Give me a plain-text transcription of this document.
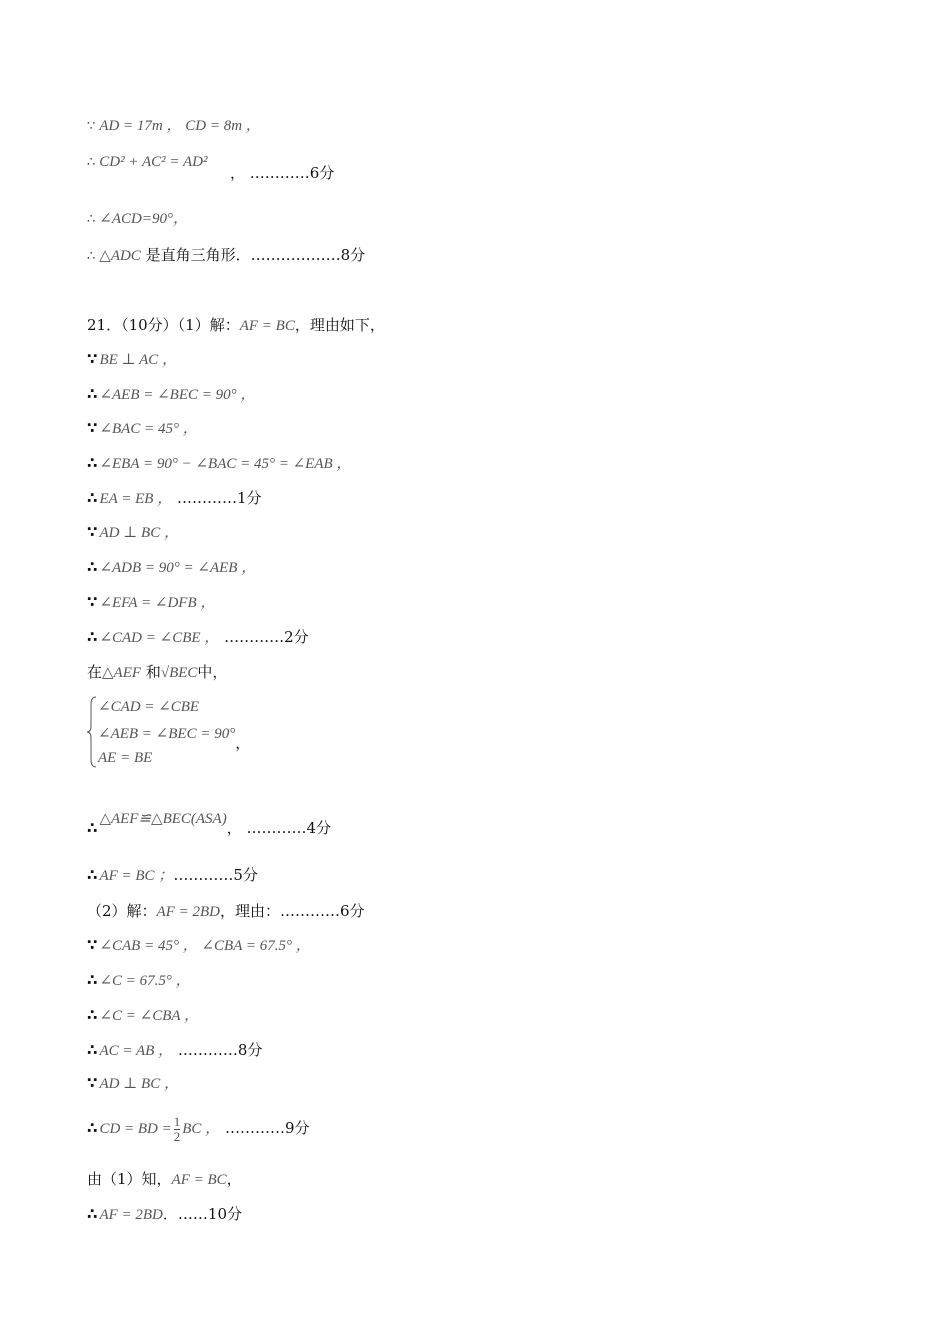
∵ AD = 17m ， CD = 8m ，
∴ CD² + AC² = AD²
， …………6分
∴ ∠ACD=90°，
∴ △ADC 是直角三角形．………………8分
21．（10分）（1）解：AF = BC，理由如下，
∵ BE ⊥ AC ，
∴ ∠AEB = ∠BEC = 90° ，
∵ ∠BAC = 45° ，
∴ ∠EBA = 90° − ∠BAC = 45° = ∠EAB ，
∴ EA = EB ， …………1分
∵ AD ⊥ BC ，
∴ ∠ADB = 90° = ∠AEB ，
∵ ∠EFA = ∠DFB ，
∴ ∠CAD = ∠CBE ， …………2分
在△AEF 和√BEC中，
∠CAD = ∠CBE
∠AEB = ∠BEC = 90°，
AE = BE
∴ △AEF≌△BEC(ASA)， …………4分
∴ AF = BC ；…………5分
（2）解：AF = 2BD，理由：…………6分
∵ ∠CAB = 45° ， ∠CBA = 67.5° ，
∴ ∠C = 67.5° ，
∴ ∠C = ∠CBA ，
∴ AC = AB ， …………8分
∵ AD ⊥ BC ，
∴ CD = BD = $\frac{1}{2}$ BC ， …………9分
由（1）知，AF = BC，
∴ AF = 2BD．……10分
